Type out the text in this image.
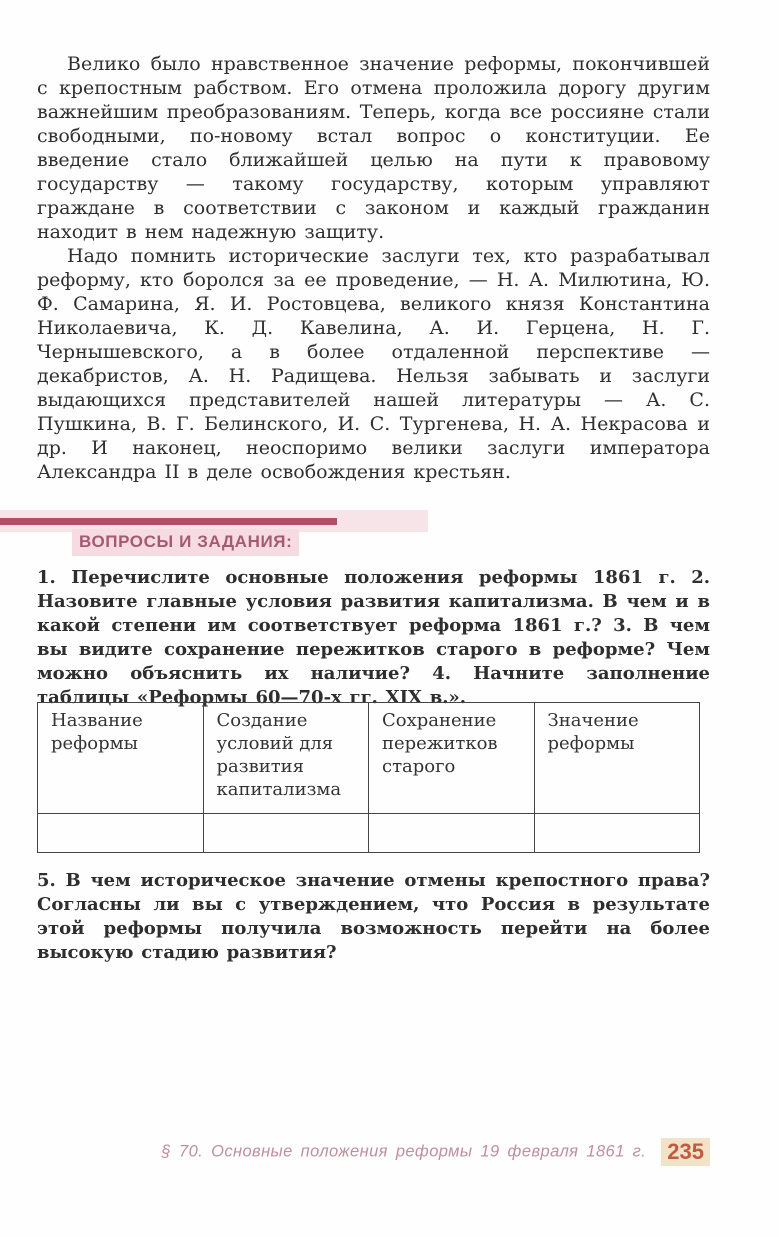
Велико было нравственное значение реформы, покончившей с крепостным рабством. Его отмена проложила дорогу другим важнейшим преобразованиям. Теперь, когда все россияне стали свободными, по-новому встал вопрос о конституции. Ее введение стало ближайшей целью на пути к правовому государству — такому государству, которым управляют граждане в соответствии с законом и каждый гражданин находит в нем надежную защиту.

Надо помнить исторические заслуги тех, кто разрабатывал реформу, кто боролся за ее проведение, — Н. А. Милютина, Ю. Ф. Самарина, Я. И. Ростовцева, великого князя Константина Николаевича, К. Д. Кавелина, А. И. Герцена, Н. Г. Чернышевского, а в более отдаленной перспективе — декабристов, А. Н. Радищева. Нельзя забывать и заслуги выдающихся представителей нашей литературы — А. С. Пушкина, В. Г. Белинского, И. С. Тургенева, Н. А. Некрасова и др. И наконец, неоспоримо велики заслуги императора Александра II в деле освобождения крестьян.

ВОПРОСЫ И ЗАДАНИЯ:

1. Перечислите основные положения реформы 1861 г. 2. Назовите главные условия развития капитализма. В чем и в какой степени им соответствует реформа 1861 г.? 3. В чем вы видите сохранение пережитков старого в реформе? Чем можно объяснить их наличие? 4. Начните заполнение таблицы «Реформы 60—70-х гг. XIX в.».

Название реформы	Создание условий для развития капитализма	Сохранение пережитков старого	Значение реформы

5. В чем историческое значение отмены крепостного права? Согласны ли вы с утверждением, что Россия в результате этой реформы получила возможность перейти на более высокую стадию развития?

§ 70. Основные положения реформы 19 февраля 1861 г. 235
